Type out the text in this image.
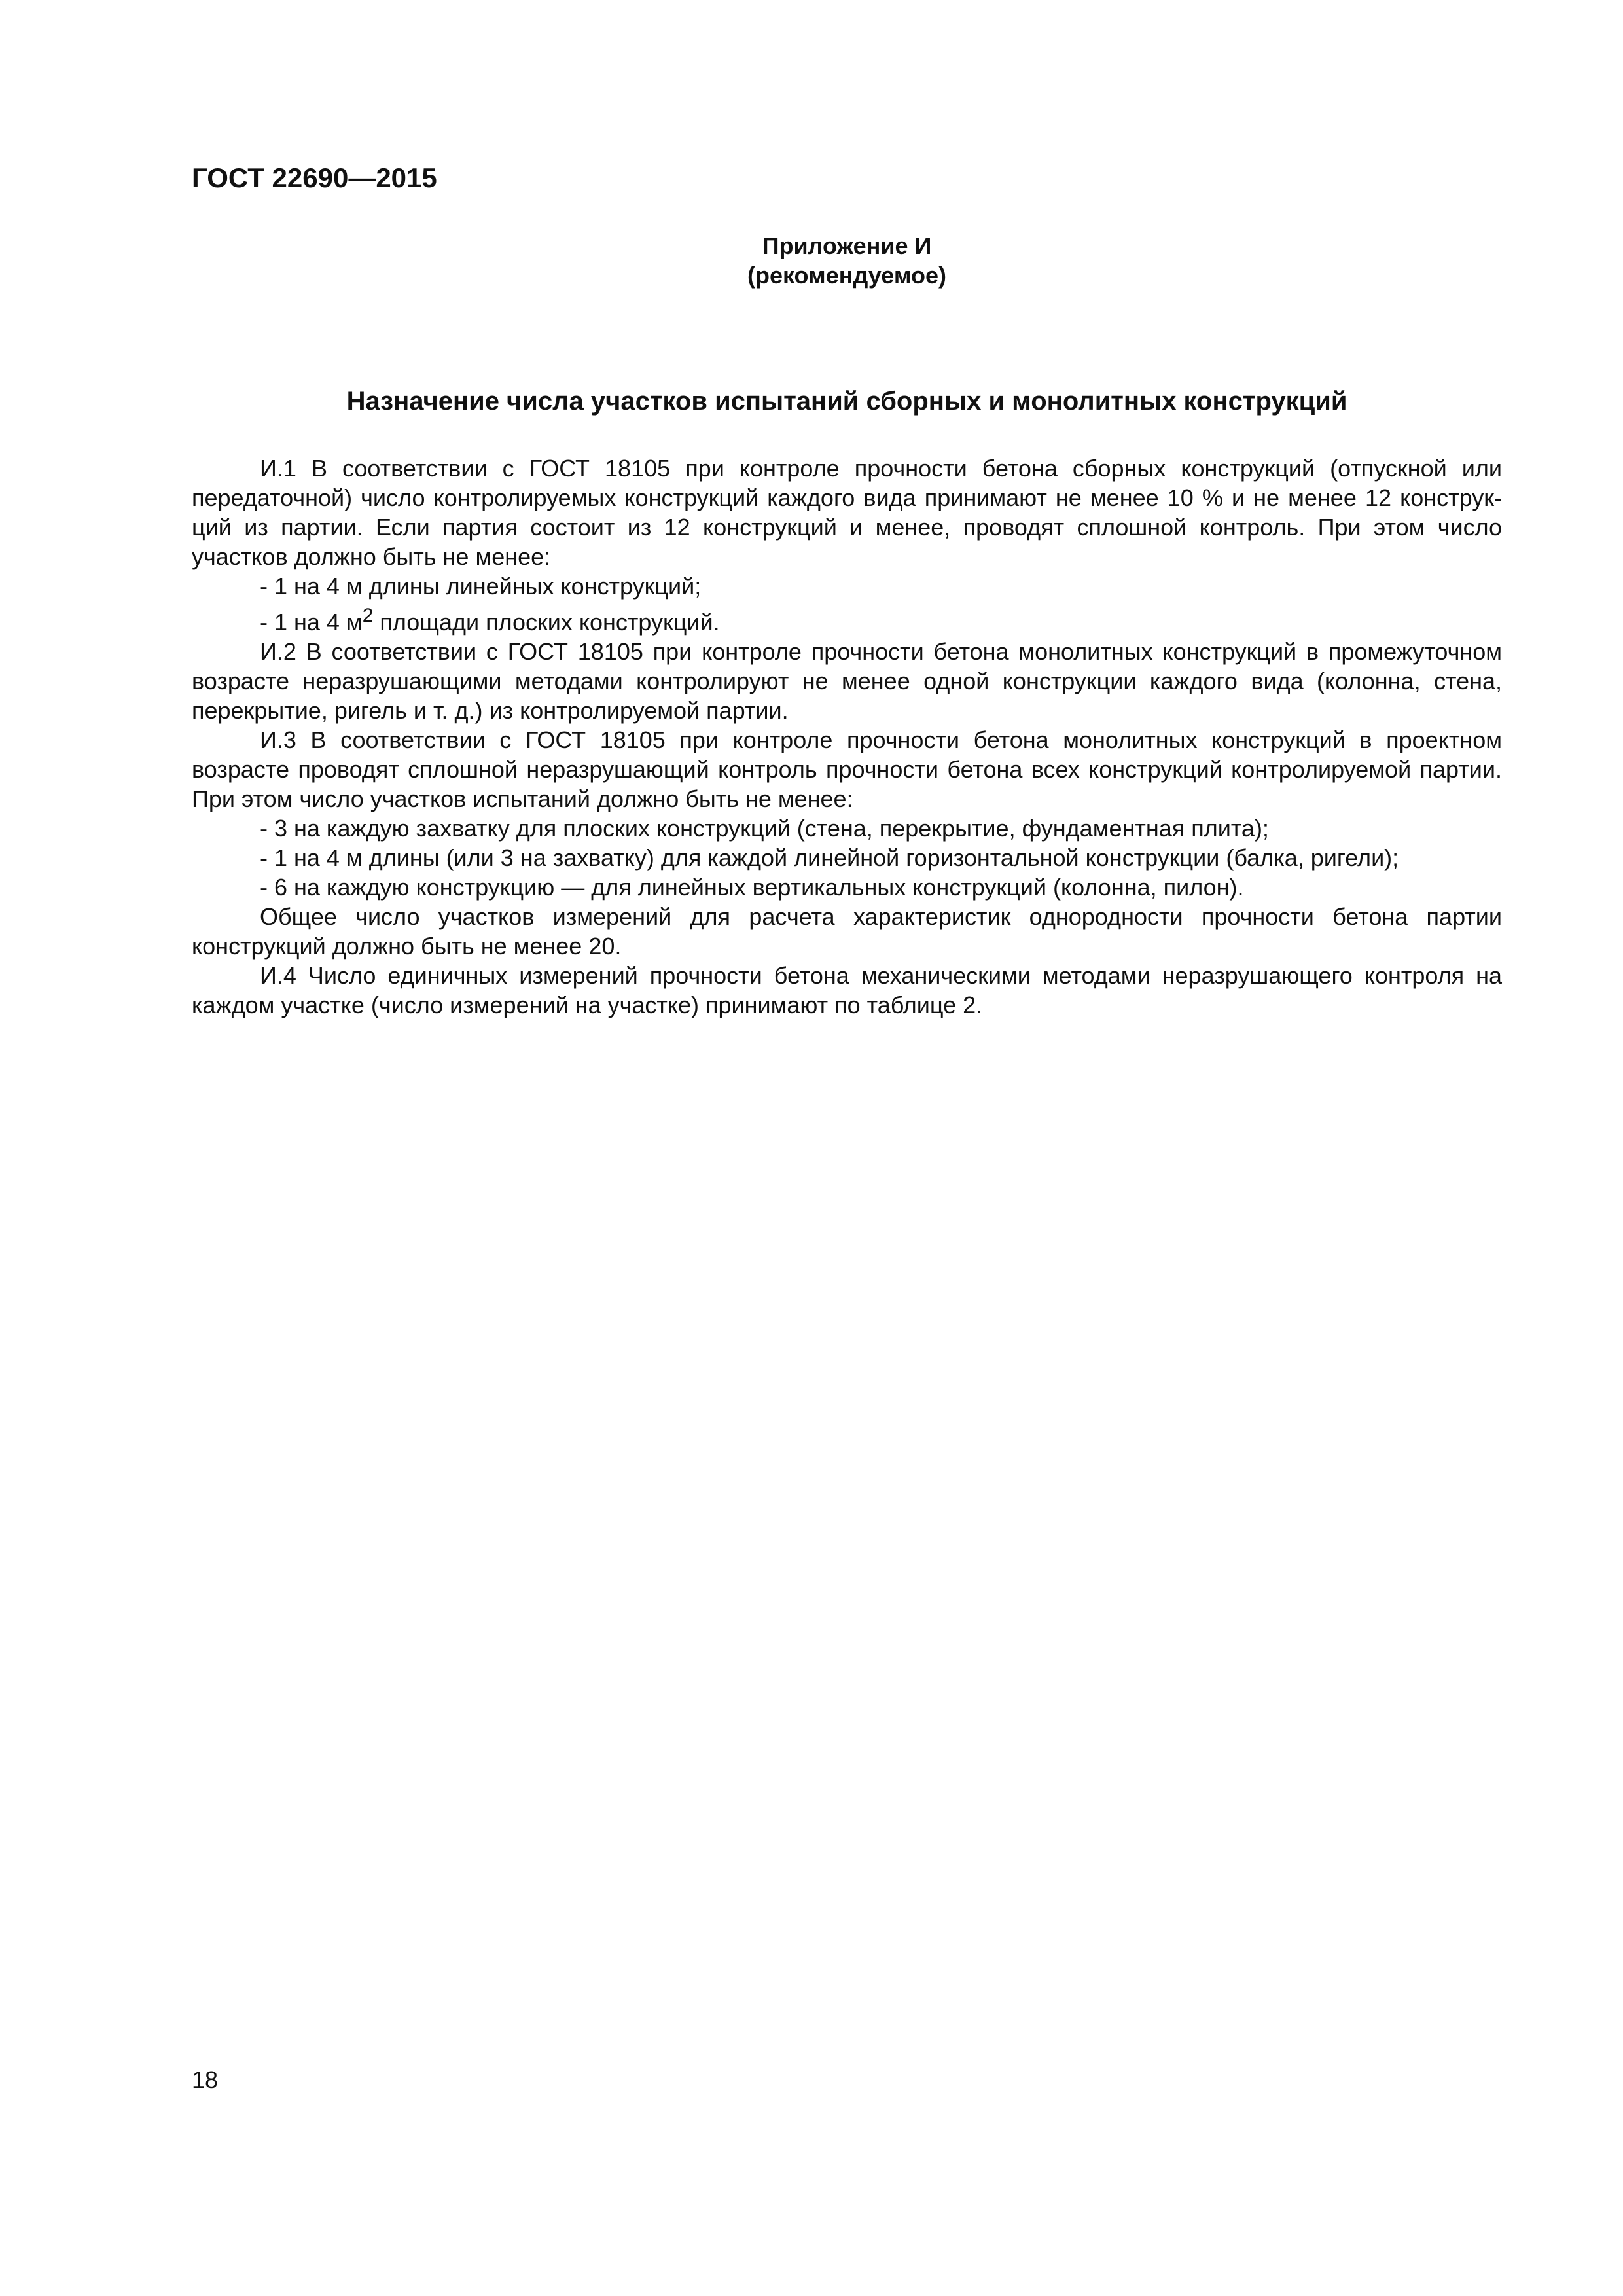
ГОСТ 22690—2015
Приложение И
(рекомендуемое)
Назначение числа участков испытаний сборных и монолитных конструкций

И.1 В соответствии с ГОСТ 18105 при контроле прочности бетона сборных конструкций (отпускной или передаточной) число контролируемых конструкций каждого вида принимают не менее 10 % и не менее 12 конструкций из партии. Если партия состоит из 12 конструкций и менее, проводят сплошной контроль. При этом число участков должно быть не менее:

- 1 на 4 м длины линейных конструкций;

- 1 на 4 $м^2$ площади плоских конструкций.

И.2 В соответствии с ГОСТ 18105 при контроле прочности бетона монолитных конструкций в промежуточном возрасте неразрушающими методами контролируют не менее одной конструкции каждого вида (колонна, стена, перекрытие, ригель и т. д.) из контролируемой партии.

И.3 В соответствии с ГОСТ 18105 при контроле прочности бетона монолитных конструкций в проектном возрасте проводят сплошной неразрушающий контроль прочности бетона всех конструкций контролируемой партии. При этом число участков испытаний должно быть не менее:

- 3 на каждую захватку для плоских конструкций (стена, перекрытие, фундаментная плита);

- 1 на 4 м длины (или 3 на захватку) для каждой линейной горизонтальной конструкции (балка, ригели);

- 6 на каждую конструкцию — для линейных вертикальных конструкций (колонна, пилон).

Общее число участков измерений для расчета характеристик однородности прочности бетона партии конструкций должно быть не менее 20.

И.4 Число единичных измерений прочности бетона механическими методами неразрушающего контроля на каждом участке (число измерений на участке) принимают по таблице 2.

18
